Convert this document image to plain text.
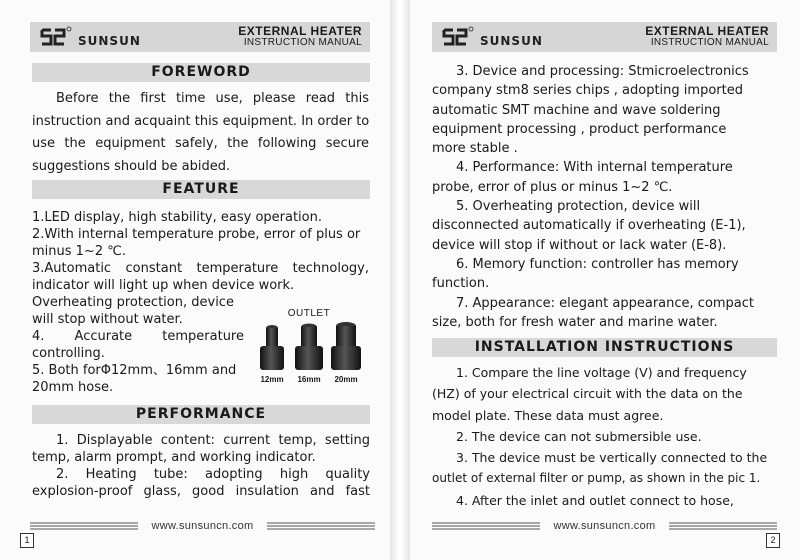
SUNSUN
EXTERNAL HEATER
INSTRUCTION MANUAL
FOREWORD
Before the first time use, please read this
instruction and acquaint this equipment. In order to
use the equipment safely, the following secure
suggestions should be abided.
FEATURE
1.LED display, high stability, easy operation.
2.With internal temperature probe, error of plus or
minus 1~2 ℃.
3.Automatic constant temperature technology,
indicator will light up when device work.
Overheating protection, device
will stop without water.
4. Accurate temperature
controlling.
5. Both forΦ12mm、16mm and
20mm hose.
OUTLET
12mm	16mm	20mm
PERFORMANCE
1. Displayable content: current temp, setting
temp, alarm prompt, and working indicator.
2. Heating tube: adopting high quality
explosion-proof glass, good insulation and fast
www.sunsuncn.com
1
SUNSUN
EXTERNAL HEATER
INSTRUCTION MANUAL
3. Device and processing: Stmicroelectronics
company stm8 series chips , adopting imported
automatic SMT machine and wave soldering
equipment processing , product performance
more stable .
4. Performance: With internal temperature
probe, error of plus or minus 1~2 ℃.
5. Overheating protection, device will
disconnected automatically if overheating (E-1),
device will stop if without or lack water (E-8).
6. Memory function: controller has memory
function.
7. Appearance: elegant appearance, compact
size, both for fresh water and marine water.
INSTALLATION INSTRUCTIONS
1. Compare the line voltage (V) and frequency
(HZ) of your electrical circuit with the data on the
model plate. These data must agree.
2. The device can not submersible use.
3. The device must be vertically connected to the
outlet of external filter or pump, as shown in the pic 1.
4. After the inlet and outlet connect to hose,
www.sunsuncn.com
2
